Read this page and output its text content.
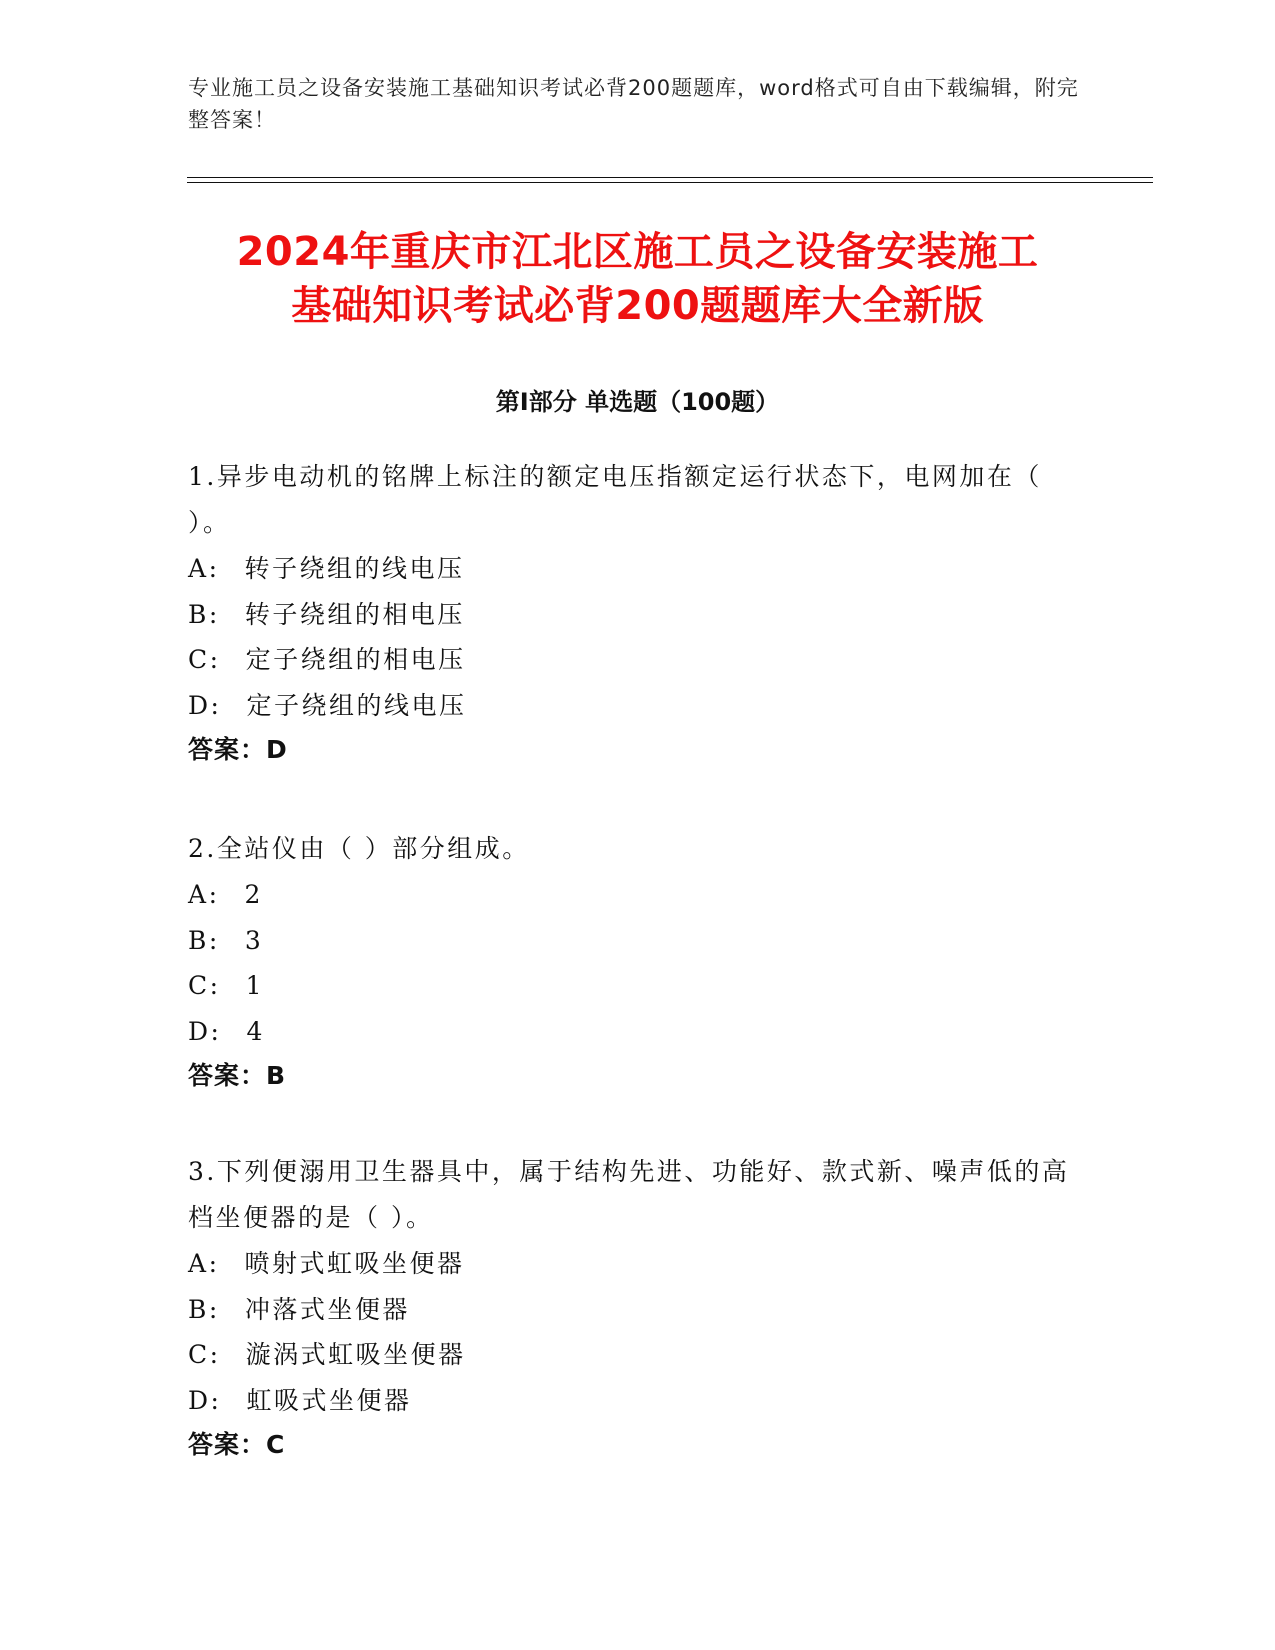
专业施工员之设备安装施工基础知识考试必背200题题库，word格式可自由下载编辑，附完整答案！
2024年重庆市江北区施工员之设备安装施工
基础知识考试必背200题题库大全新版
第Ⅰ部分 单选题（100题）
1.异步电动机的铭牌上标注的额定电压指额定运行状态下，电网加在（ ）。
A: 转子绕组的线电压
B: 转子绕组的相电压
C: 定子绕组的相电压
D: 定子绕组的线电压
答案：D
2.全站仪由（ ）部分组成。
A: 2
B: 3
C: 1
D: 4
答案：B
3.下列便溺用卫生器具中，属于结构先进、功能好、款式新、噪声低的高档坐便器的是（ ）。
A: 喷射式虹吸坐便器
B: 冲落式坐便器
C: 漩涡式虹吸坐便器
D: 虹吸式坐便器
答案：C
